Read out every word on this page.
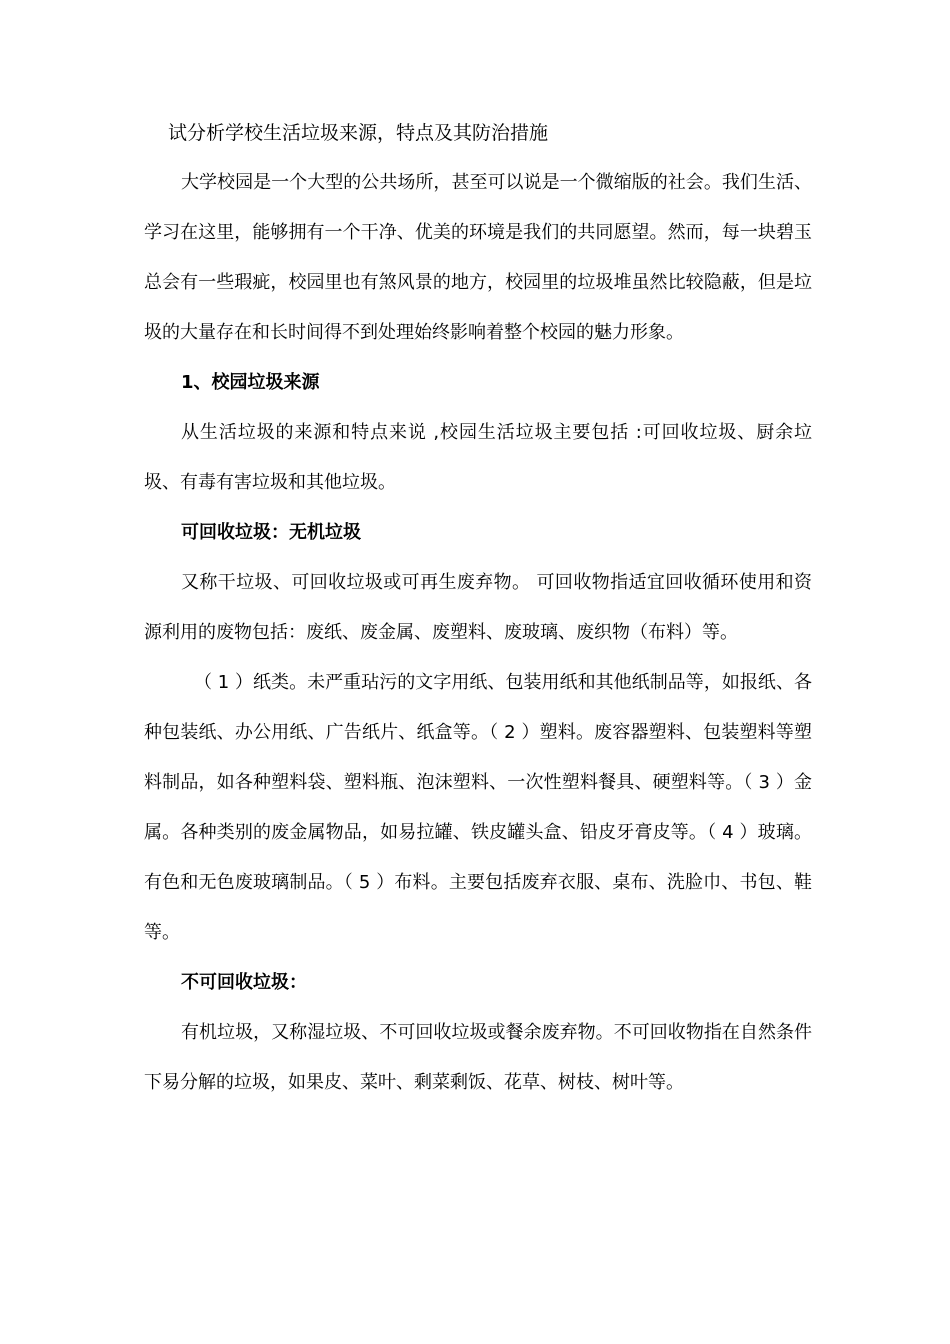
试分析学校生活垃圾来源，特点及其防治措施

大学校园是一个大型的公共场所，甚至可以说是一个微缩版的社会。我们生活、学习在这里，能够拥有一个干净、优美的环境是我们的共同愿望。然而，每一块碧玉总会有一些瑕疵，校园里也有煞风景的地方，校园里的垃圾堆虽然比较隐蔽，但是垃圾的大量存在和长时间得不到处理始终影响着整个校园的魅力形象。

1、校园垃圾来源

从生活垃圾的来源和特点来说 ,校园生活垃圾主要包括 :可回收垃圾、厨余垃圾、有毒有害垃圾和其他垃圾。

可回收垃圾：无机垃圾

又称干垃圾、可回收垃圾或可再生废弃物。 可回收物指适宜回收循环使用和资源利用的废物包括：废纸、废金属、废塑料、废玻璃、废织物（布料）等。

（ 1 ）纸类。未严重玷污的文字用纸、包装用纸和其他纸制品等，如报纸、各种包装纸、办公用纸、广告纸片、纸盒等。（ 2 ）塑料。废容器塑料、包装塑料等塑料制品，如各种塑料袋、塑料瓶、泡沫塑料、一次性塑料餐具、硬塑料等。（ 3 ）金属。各种类别的废金属物品，如易拉罐、铁皮罐头盒、铅皮牙膏皮等。（ 4 ）玻璃。有色和无色废玻璃制品。（ 5 ）布料。主要包括废弃衣服、桌布、洗脸巾、书包、鞋等。

不可回收垃圾：

有机垃圾，又称湿垃圾、不可回收垃圾或餐余废弃物。不可回收物指在自然条件下易分解的垃圾，如果皮、菜叶、剩菜剩饭、花草、树枝、树叶等。
